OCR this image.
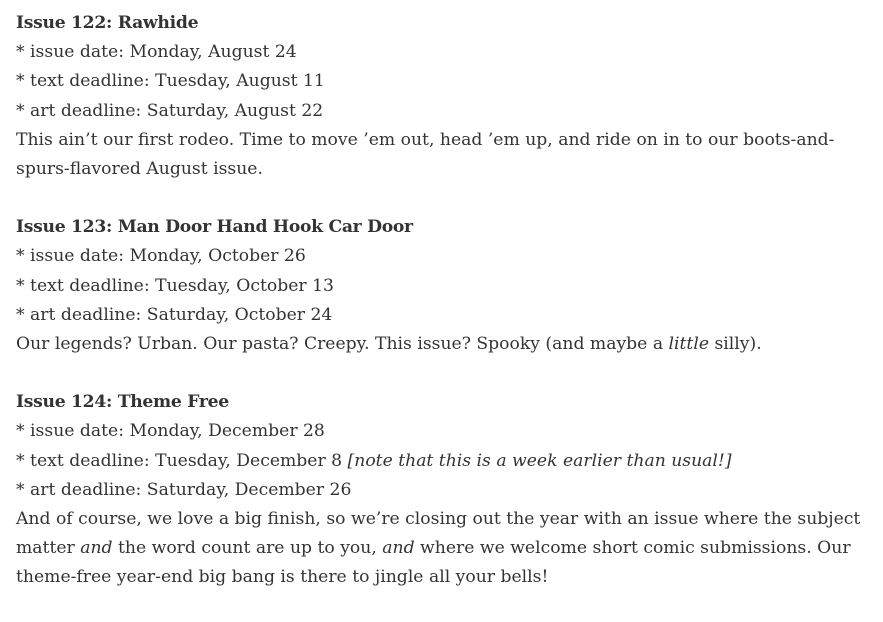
Issue 122: Rawhide

* issue date: Monday, August 24

* text deadline: Tuesday, August 11

* art deadline: Saturday, August 22

This ain’t our first rodeo. Time to move ’em out, head ’em up, and ride on in to our boots-and-spurs-flavored August issue.

Issue 123: Man Door Hand Hook Car Door

* issue date: Monday, October 26

* text deadline: Tuesday, October 13

* art deadline: Saturday, October 24

Our legends? Urban. Our pasta? Creepy. This issue? Spooky (and maybe a little silly).

Issue 124: Theme Free

* issue date: Monday, December 28

* text deadline: Tuesday, December 8 [note that this is a week earlier than usual!]

* art deadline: Saturday, December 26

And of course, we love a big finish, so we’re closing out the year with an issue where the subject matter and the word count are up to you, and where we welcome short comic submissions. Our theme-free year-end big bang is there to jingle all your bells!
